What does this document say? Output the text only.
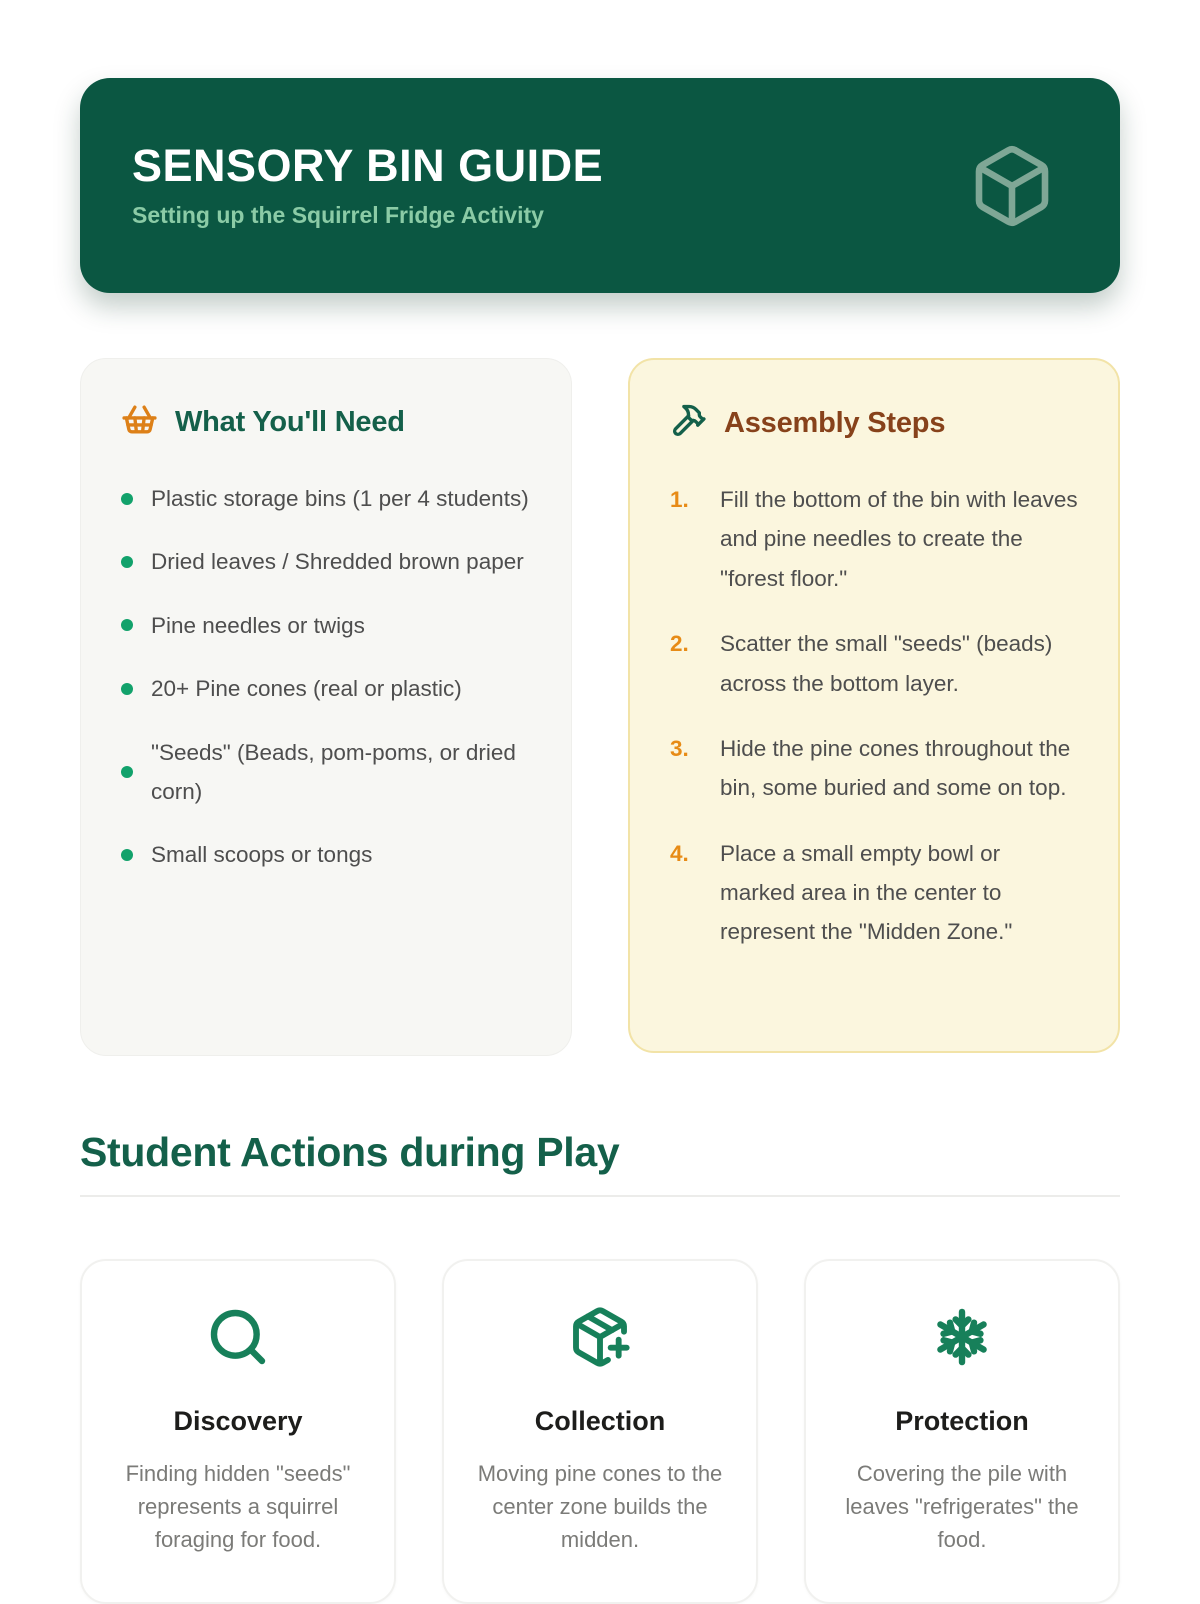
SENSORY BIN GUIDE

Setting up the Squirrel Fridge Activity

What You'll Need
Plastic storage bins (1 per 4 students)
Dried leaves / Shredded brown paper
Pine needles or twigs
20+ Pine cones (real or plastic)
"Seeds" (Beads, pom-poms, or dried corn)
Small scoops or tongs
Assembly Steps
1.	Fill the bottom of the bin with leaves and pine needles to create the "forest floor."
2.	Scatter the small "seeds" (beads) across the bottom layer.
3.	Hide the pine cones throughout the bin, some buried and some on top.
4.	Place a small empty bowl or marked area in the center to represent the "Midden Zone."
Student Actions during Play
Discovery

Finding hidden "seeds" represents a squirrel foraging for food.

Collection

Moving pine cones to the center zone builds the midden.

Protection

Covering the pile with leaves "refrigerates" the food.
